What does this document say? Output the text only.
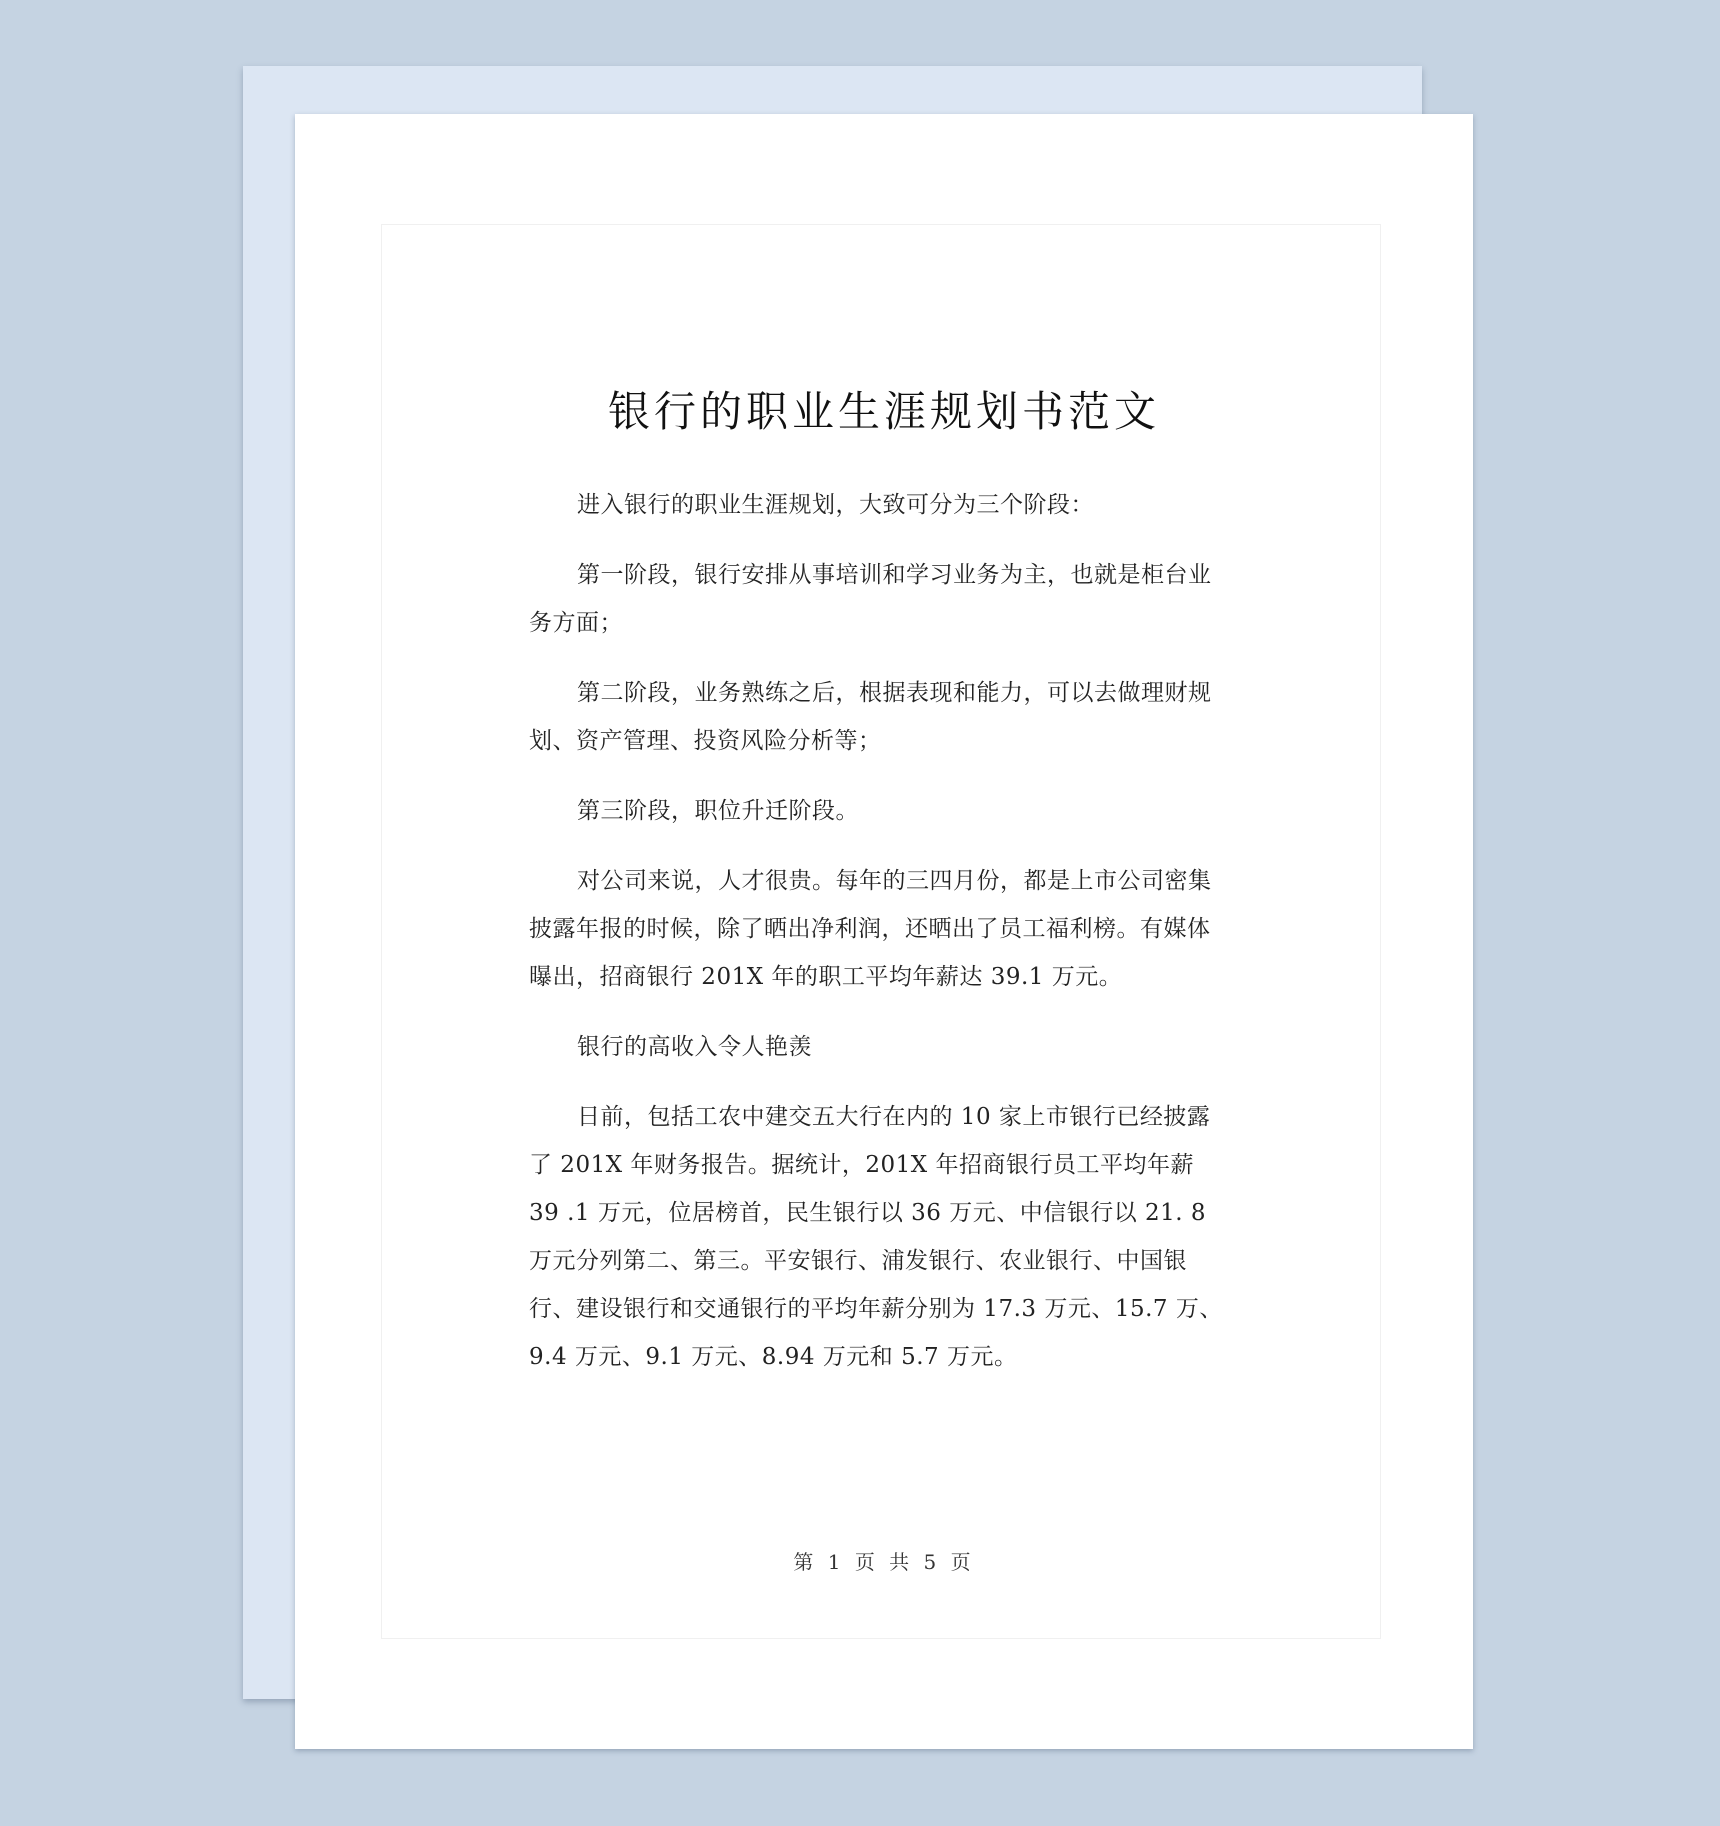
银行的职业生涯规划书范文

进入银行的职业生涯规划，大致可分为三个阶段：

第一阶段，银行安排从事培训和学习业务为主，也就是柜台业务方面；

第二阶段，业务熟练之后，根据表现和能力，可以去做理财规划、资产管理、投资风险分析等；

第三阶段，职位升迁阶段。

对公司来说，人才很贵。每年的三四月份，都是上市公司密集披露年报的时候，除了晒出净利润，还晒出了员工福利榜。有媒体曝出，招商银行 201X 年的职工平均年薪达 39.1 万元。

银行的高收入令人艳羡

日前，包括工农中建交五大行在内的 10 家上市银行已经披露了 201X 年财务报告。据统计，201X 年招商银行员工平均年薪 39 .1 万元，位居榜首，民生银行以 36 万元、中信银行以 21. 8 万元分列第二、第三。平安银行、浦发银行、农业银行、中国银行、建设银行和交通银行的平均年薪分别为 17.3 万元、15.7 万、9.4 万元、9.1 万元、8.94 万元和 5.7 万元。

第 1 页 共 5 页
